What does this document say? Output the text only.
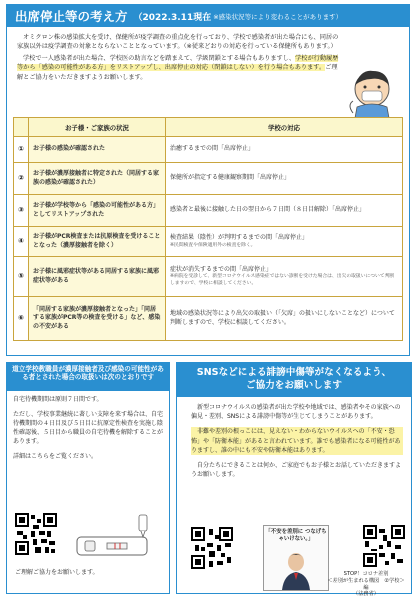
出席停止等の考え方 （2022.3.11現在 ※感染状況等により変わることがあります）

オミクロン株の感染拡大を受け、保健所が疫学調査の重点化を行っており、学校で感染者が出た場合にも、同居の家族以外は疫学調査の対象とならないこととなっています。（※従来どおりの対応を行っている保健所もあります。）

学校で一人感染者が出た場合、学校医の助言などを踏まえて、学級閉鎖とする場合もありますし、学校が行動履歴等から「感染の可能性がある方」をリストアップし、出席停止の対応（閉鎖はしない）を行う場合もあります。ご理解とご協力をいただきますようお願いします。

	お子様・ご家族の状況	学校の対応
①	お子様の感染が確認された	治癒するまでの間「出席停止」
②	お子様が濃厚接触者に特定された（同居する家族の感染が確認された）	保健所が指定する健康観察期間「出席停止」
③	お子様が学校等から「感染の可能性がある方」としてリストアップされた	感染者と最後に接触した日の翌日から７日間（８日目解除）「出席停止」
④	お子様がPCR検査または抗原検査を受けることとなった（濃厚接触者を除く）	検査結果（陰性）が判明するまでの間「出席停止」
※民間検査や保険適用外の検査を除く。

⑤	お子様に風邪症状等がある同居する家族に風邪症状等がある	症状が消失するまでの間「出席停止」
※病院を受診して、新型コロナウイルス感染症ではない診断を受けた場合は、出欠の取扱いについて判断しますので、学校に相談してください。

⑥	「同居する家族が濃厚接触者となった」「同居する家族がPCR等の検査を受ける」など、感染の不安がある	地域の感染状況等により出欠の取扱い（「欠席」の扱いにしないことなど）について判断しますので、学校に相談してください。
道立学校教職員が濃厚接触者及び感染の可能性がある者とされた場合の取扱いは次のとおりです

自宅待機期間は原則７日間です。

ただし、学校事業継続に著しい支障を来す場合は、自宅待機期間の４日目及び５日目に抗原定性検査を実施し陰性確認後、５日目から職員の自宅待機を解除することがあります。

詳細はこちらをご覧ください。

ご理解ご協力をお願いします。
SNSなどによる誹謗中傷等がなくなるよう、
ご協力をお願いします

新型コロナウイルスの感染者が出た学校や地域では、感染者やその家族への偏見・差別、SNSによる誹謗中傷等が生じてしまうことがあります。

非難や差別の根っこには、見えない・わからないウイルスへの「不安・恐怖」や「防衛本能」があると言われています。誰でも感染者になる可能性がありますし、誰の中にも不安や防衛本能はあります。

自分たちにできることは何か、ご家庭でもお子様とお話していただきますようお願いします。

「不安を差別に つなげちゃいけない。」
STOP！コロナ差別
＜差別が生まれる構図　②学校＞編
（法務省）
